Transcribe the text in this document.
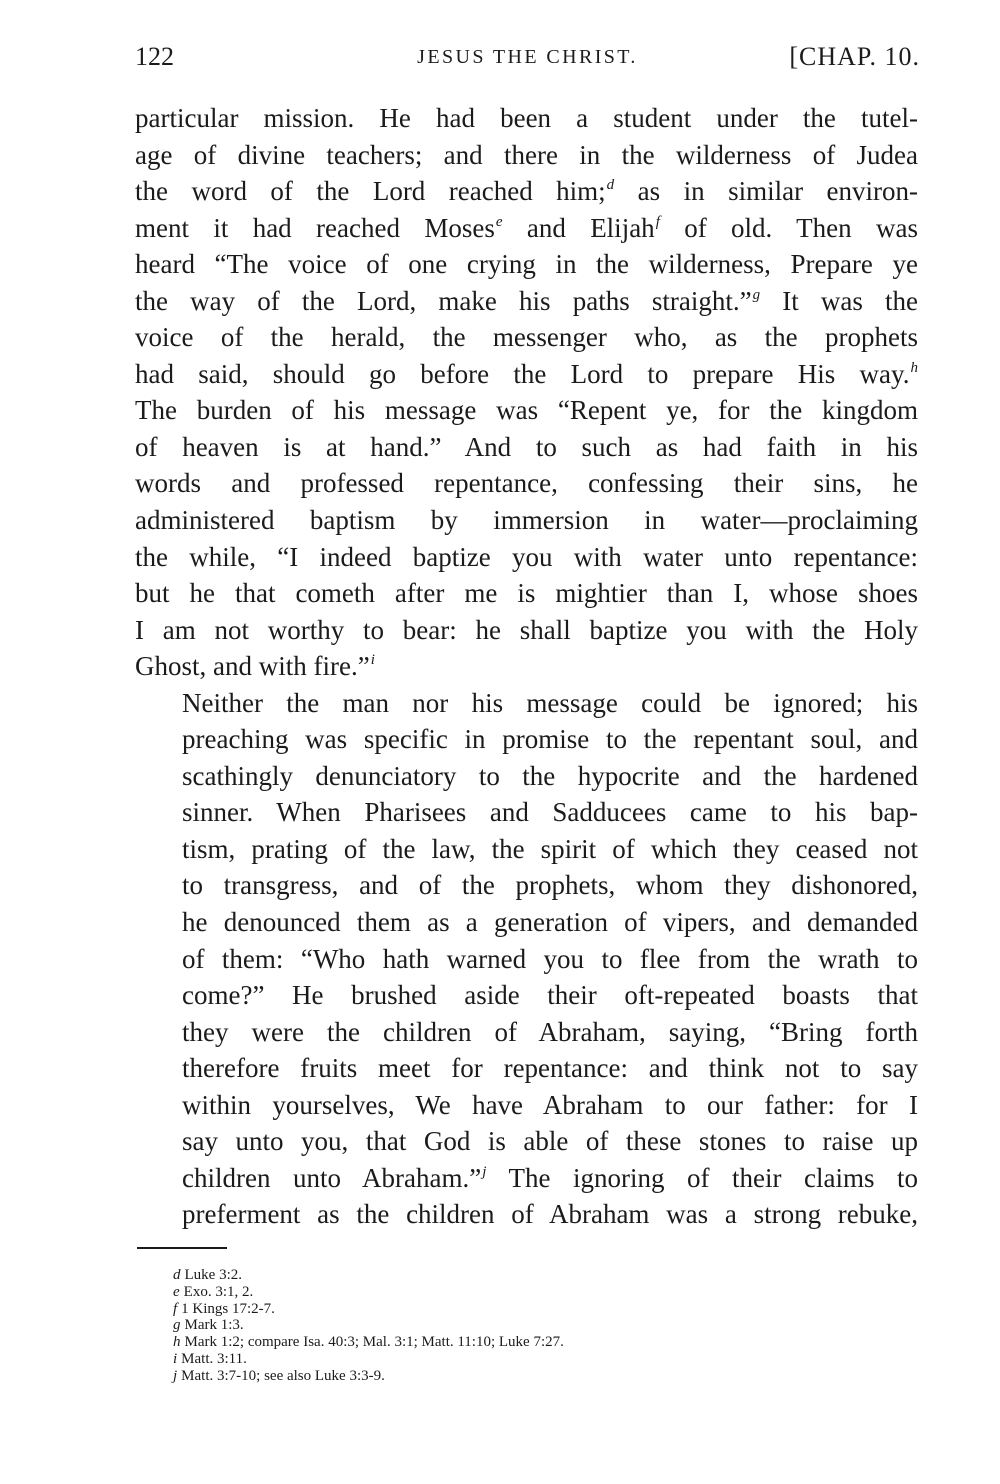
122	JESUS THE CHRIST.	[CHAP. 10.

particular mission. He had been a student under the tutel-
age of divine teachers; and there in the wilderness of Judea
the word of the Lord reached him;$^d$ as in similar environ-
ment it had reached Moses$^e$ and Elijah$^f$ of old. Then was
heard “The voice of one crying in the wilderness, Prepare ye
the way of the Lord, make his paths straight.”$^g$ It was the
voice of the herald, the messenger who, as the prophets
had said, should go before the Lord to prepare His way.$^h$
The burden of his message was “Repent ye, for the kingdom
of heaven is at hand.” And to such as had faith in his
words and professed repentance, confessing their sins, he
administered baptism by immersion in water—proclaiming
the while, “I indeed baptize you with water unto repentance:
but he that cometh after me is mightier than I, whose shoes
I am not worthy to bear: he shall baptize you with the Holy
Ghost, and with fire.”$^i$

Neither the man nor his message could be ignored; his
preaching was specific in promise to the repentant soul, and
scathingly denunciatory to the hypocrite and the hardened
sinner. When Pharisees and Sadducees came to his bap-
tism, prating of the law, the spirit of which they ceased not
to transgress, and of the prophets, whom they dishonored,
he denounced them as a generation of vipers, and demanded
of them: “Who hath warned you to flee from the wrath to
come?” He brushed aside their oft-repeated boasts that
they were the children of Abraham, saying, “Bring forth
therefore fruits meet for repentance: and think not to say
within yourselves, We have Abraham to our father: for I
say unto you, that God is able of these stones to raise up
children unto Abraham.”$^j$ The ignoring of their claims to
preferment as the children of Abraham was a strong rebuke,

d Luke 3:2.
e Exo. 3:1, 2.
f 1 Kings 17:2-7.
g Mark 1:3.
h Mark 1:2; compare Isa. 40:3; Mal. 3:1; Matt. 11:10; Luke 7:27.
i Matt. 3:11.
j Matt. 3:7-10; see also Luke 3:3-9.
